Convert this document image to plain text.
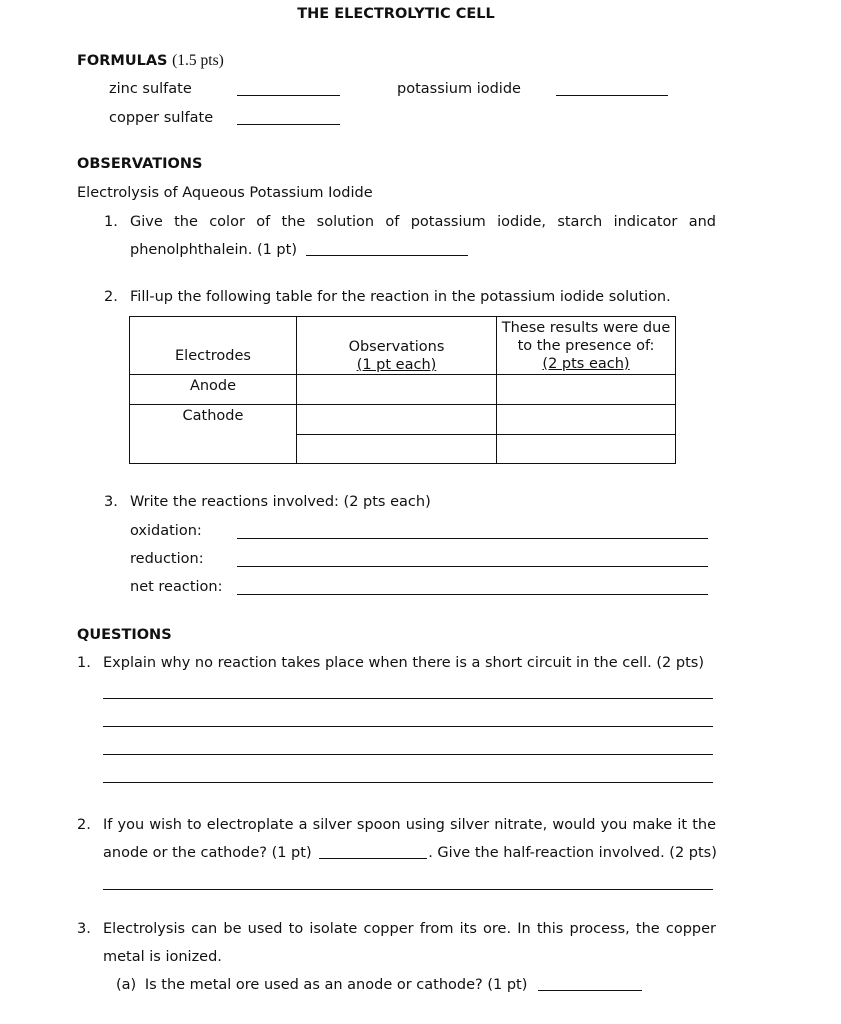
THE ELECTROLYTIC CELL
FORMULAS (1.5 pts)
zinc sulfate	potassium iodide
copper sulfate
OBSERVATIONS
Electrolysis of Aqueous Potassium Iodide
1. Give the color of the solution of potassium iodide, starch indicator and
phenolphthalein. (1 pt)
2. Fill-up the following table for the reaction in the potassium iodide solution.
Electrodes
Observations
(1 pt each)
These results were due
to the presence of:
(2 pts each)
Anode
Cathode
3. Write the reactions involved: (2 pts each)
oxidation:
reduction:
net reaction:
QUESTIONS
1. Explain why no reaction takes place when there is a short circuit in the cell. (2 pts)
2. If you wish to electroplate a silver spoon using silver nitrate, would you make it the
anode or the cathode? (1 pt)	. Give the half-reaction involved. (2 pts)
3. Electrolysis can be used to isolate copper from its ore. In this process, the copper
metal is ionized.
(a) Is the metal ore used as an anode or cathode? (1 pt)
